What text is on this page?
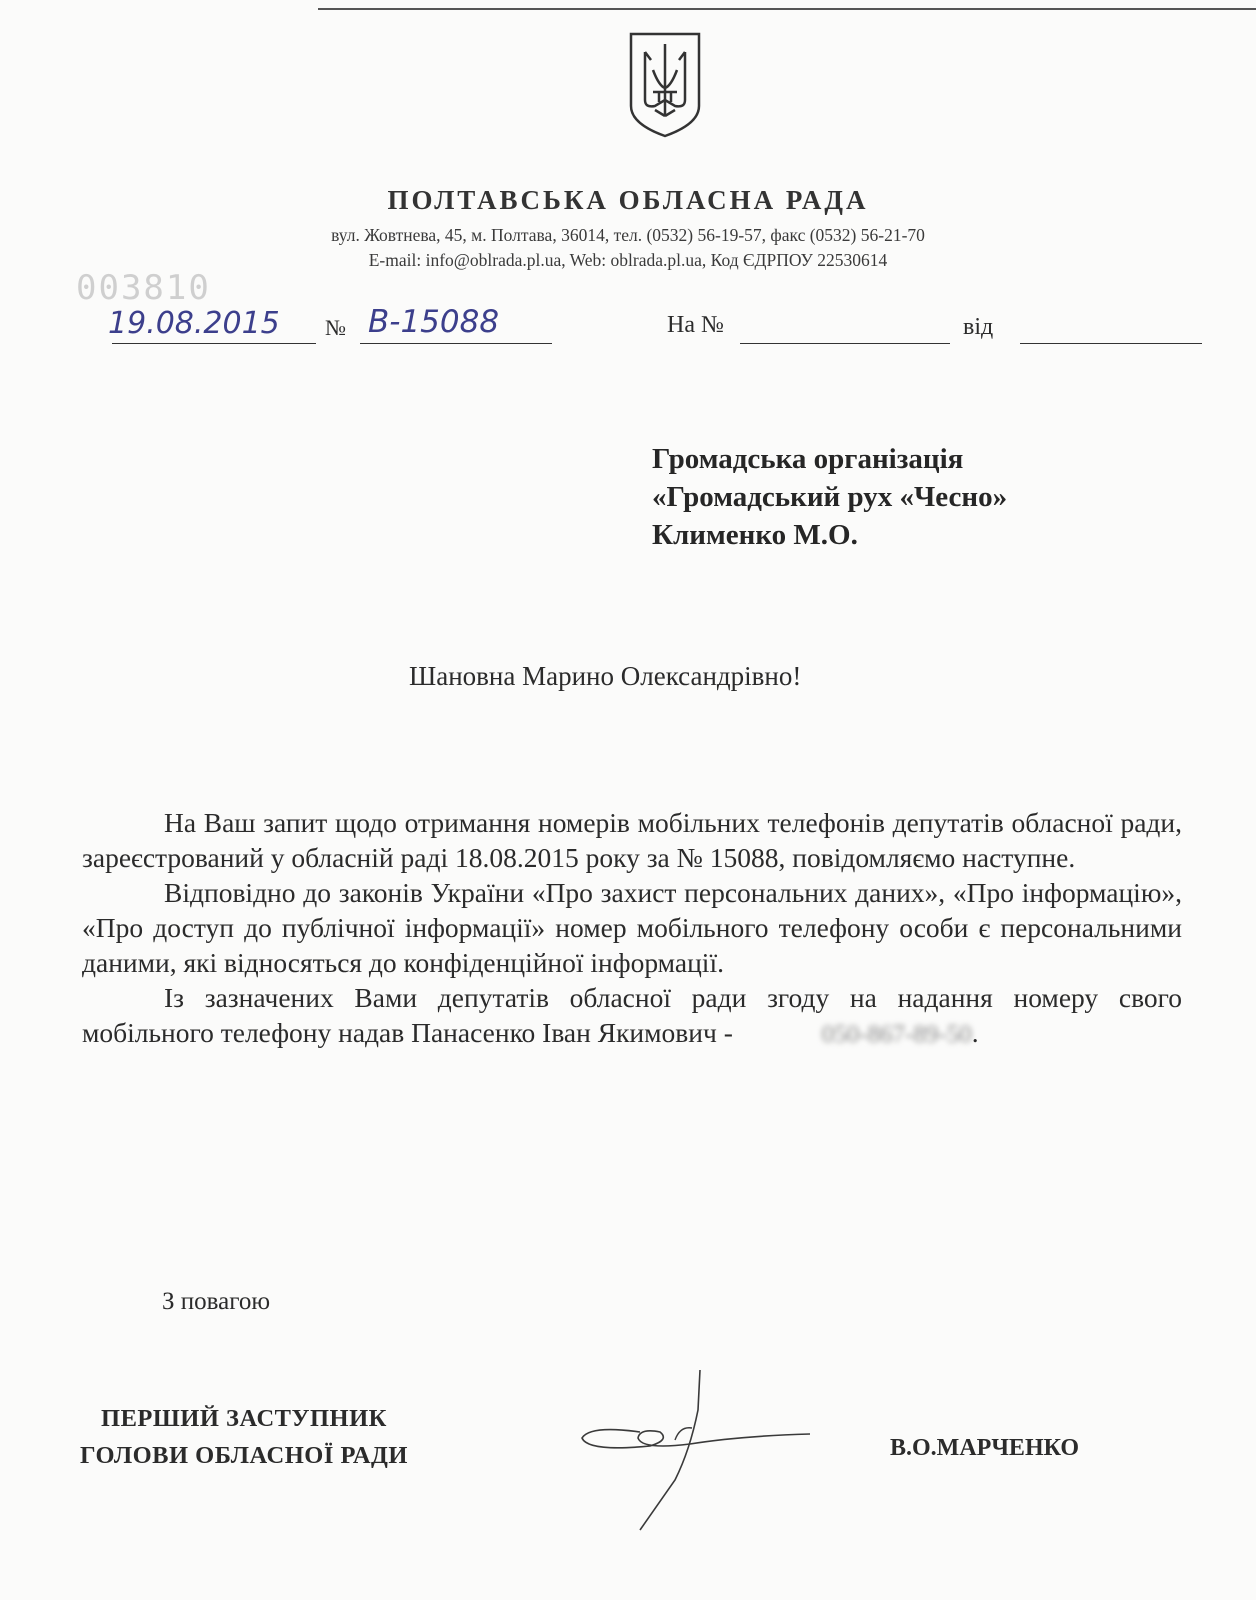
ПОЛТАВСЬКА ОБЛАСНА РАДА
вул. Жовтнева, 45, м. Полтава, 36014, тел. (0532) 56-19-57, факс (0532) 56-21-70
E-mail: info@oblrada.pl.ua, Web: oblrada.pl.ua, Код ЄДРПОУ 22530614
003810
19.08.2015 № В-15088	На №	від
Громадська організація
«Громадський рух «Чесно»
Клименко М.О.
Шановна Марино Олександрівно!

На Ваш запит щодо отримання номерів мобільних телефонів депутатів обласної ради, зареєстрований у обласній раді 18.08.2015 року за № 15088, повідомляємо наступне.

Відповідно до законів України «Про захист персональних даних», «Про інформацію», «Про доступ до публічної інформації» номер мобільного телефону особи є персональними даними, які відносяться до конфіденційної інформації.

Із зазначених Вами депутатів обласної ради згоду на надання номеру свого мобільного телефону надав Панасенко Іван Якимович -	050-867-89-50.

З повагою
ПЕРШИЙ ЗАСТУПНИК
ГОЛОВИ ОБЛАСНОЇ РАДИ	В.О.МАРЧЕНКО
